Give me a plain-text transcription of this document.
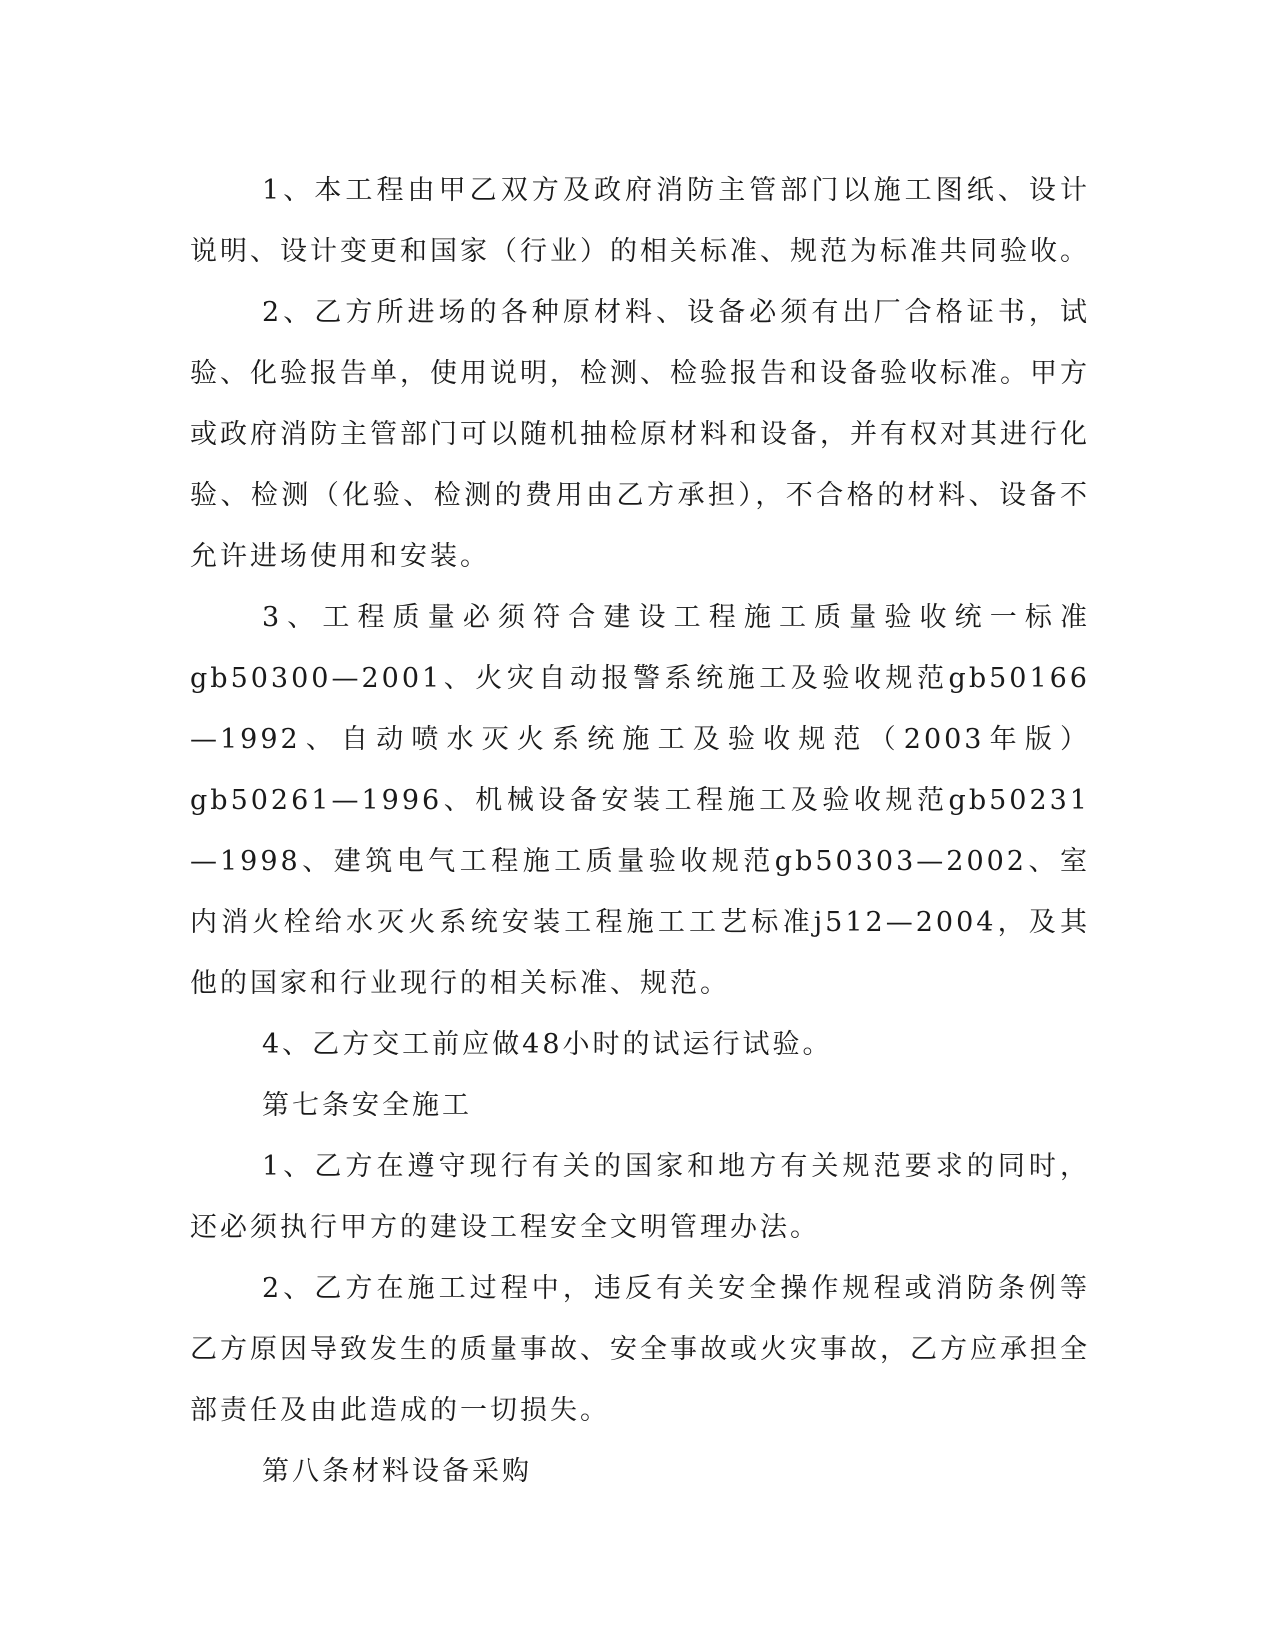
1、本工程由甲乙双方及政府消防主管部门以施工图纸、设计说明、设计变更和国家（行业）的相关标准、规范为标准共同验收。

2、乙方所进场的各种原材料、设备必须有出厂合格证书，试验、化验报告单，使用说明，检测、检验报告和设备验收标准。甲方或政府消防主管部门可以随机抽检原材料和设备，并有权对其进行化验、检测（化验、检测的费用由乙方承担），不合格的材料、设备不允许进场使用和安装。

3、工程质量必须符合建设工程施工质量验收统一标准gb50300—2001、火灾自动报警系统施工及验收规范gb50166—1992、自动喷水灭火系统施工及验收规范（2003年版）gb50261—1996、机械设备安装工程施工及验收规范gb50231—1998、建筑电气工程施工质量验收规范gb50303—2002、室内消火栓给水灭火系统安装工程施工工艺标准j512—2004，及其他的国家和行业现行的相关标准、规范。

4、乙方交工前应做48小时的试运行试验。

第七条安全施工

1、乙方在遵守现行有关的国家和地方有关规范要求的同时，还必须执行甲方的建设工程安全文明管理办法。

2、乙方在施工过程中，违反有关安全操作规程或消防条例等乙方原因导致发生的质量事故、安全事故或火灾事故，乙方应承担全部责任及由此造成的一切损失。

第八条材料设备采购
